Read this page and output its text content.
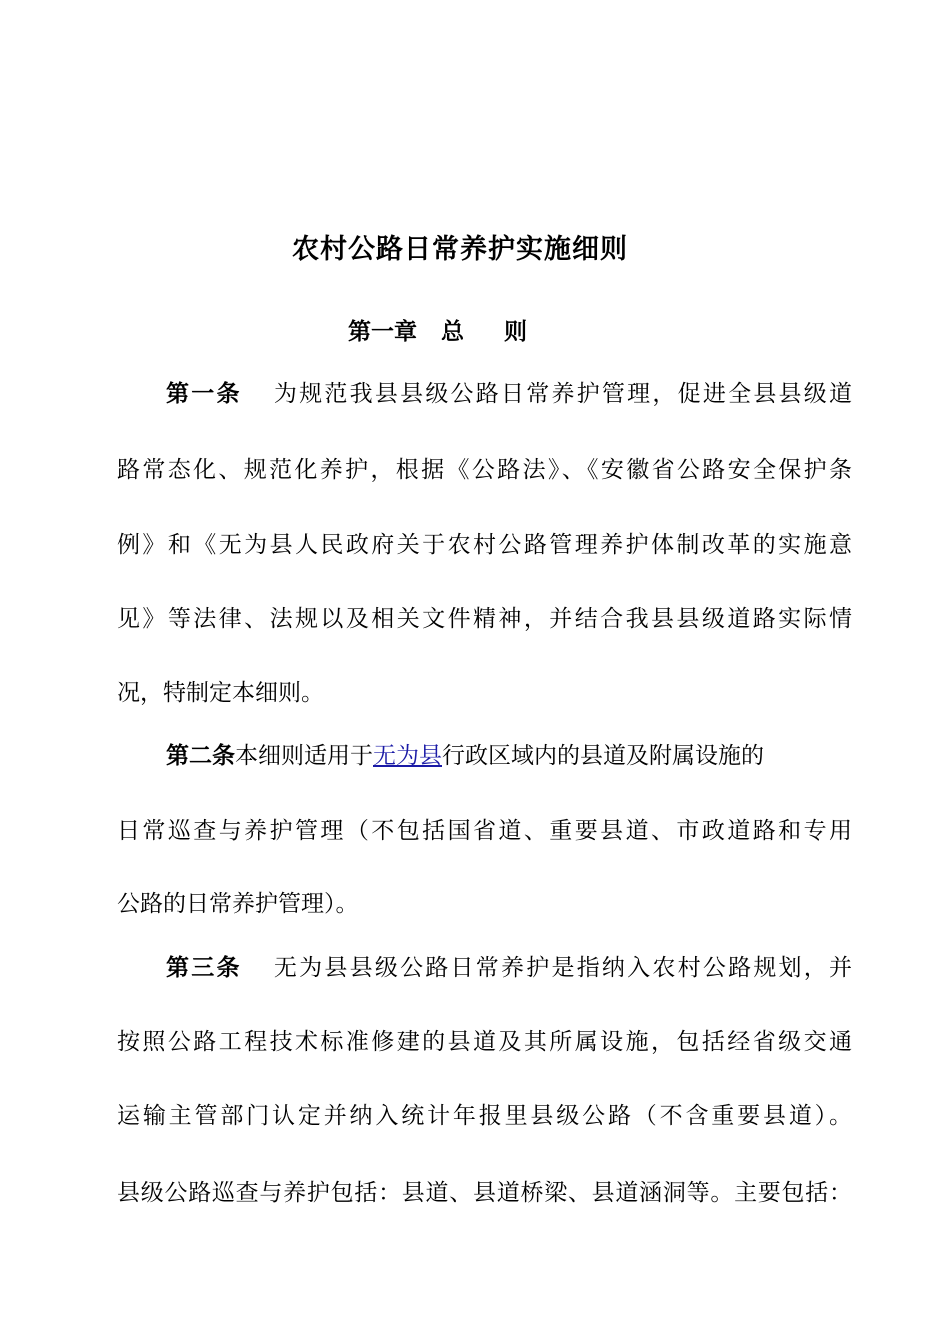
农村公路日常养护实施细则
第一章   总     则
第一条 为规范我县县级公路日常养护管理，促进全县县级道
路常态化、规范化养护，根据《公路法》、《安徽省公路安全保护条
例》和《无为县人民政府关于农村公路管理养护体制改革的实施意
见》等法律、法规以及相关文件精神，并结合我县县级道路实际情
况，特制定本细则。
第二条本细则适用于无为县行政区域内的县道及附属设施的
日常巡查与养护管理（不包括国省道、重要县道、市政道路和专用
公路的日常养护管理）。
第三条 无为县县级公路日常养护是指纳入农村公路规划，并
按照公路工程技术标准修建的县道及其所属设施，包括经省级交通
运输主管部门认定并纳入统计年报里县级公路（不含重要县道）。
县级公路巡查与养护包括：县道、县道桥梁、县道涵洞等。主要包括：
